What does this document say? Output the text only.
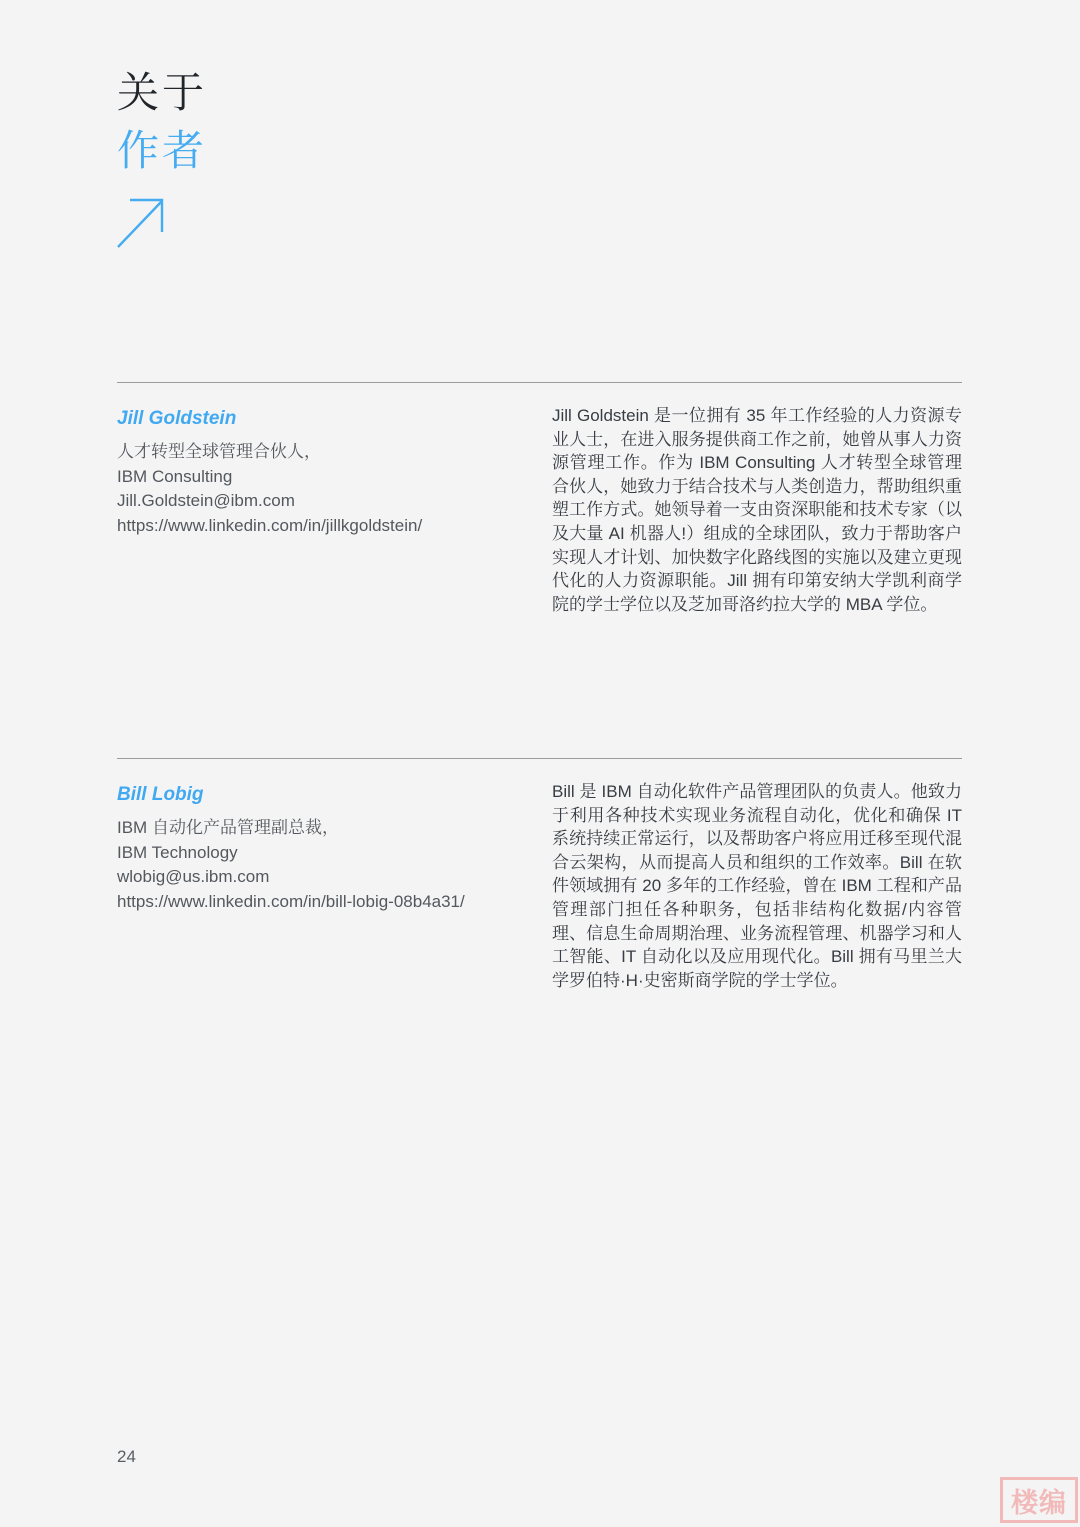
关于
作者
Jill Goldstein
人才转型全球管理合伙人，
IBM Consulting
Jill.Goldstein@ibm.com
https://www.linkedin.com/in/jillkgoldstein/

Jill Goldstein 是一位拥有 35 年工作经验的人力资源专业人士，在进入服务提供商工作之前，她曾从事人力资源管理工作。作为 IBM Consulting 人才转型全球管理合伙人，她致力于结合技术与人类创造力，帮助组织重塑工作方式。她领导着一支由资深职能和技术专家（以及大量 AI 机器人!）组成的全球团队，致力于帮助客户实现人才计划、加快数字化路线图的实施以及建立更现代化的人力资源职能。Jill 拥有印第安纳大学凯利商学院的学士学位以及芝加哥洛约拉大学的 MBA 学位。

Bill Lobig
IBM 自动化产品管理副总裁，
IBM Technology
wlobig@us.ibm.com
https://www.linkedin.com/in/bill-lobig-08b4a31/

Bill 是 IBM 自动化软件产品管理团队的负责人。他致力于利用各种技术实现业务流程自动化，优化和确保 IT 系统持续正常运行，以及帮助客户将应用迁移至现代混合云架构，从而提高人员和组织的工作效率。Bill 在软件领域拥有 20 多年的工作经验，曾在 IBM 工程和产品管理部门担任各种职务，包括非结构化数据/内容管理、信息生命周期治理、业务流程管理、机器学习和人工智能、IT 自动化以及应用现代化。Bill 拥有马里兰大学罗伯特·H·史密斯商学院的学士学位。

24
楼编
